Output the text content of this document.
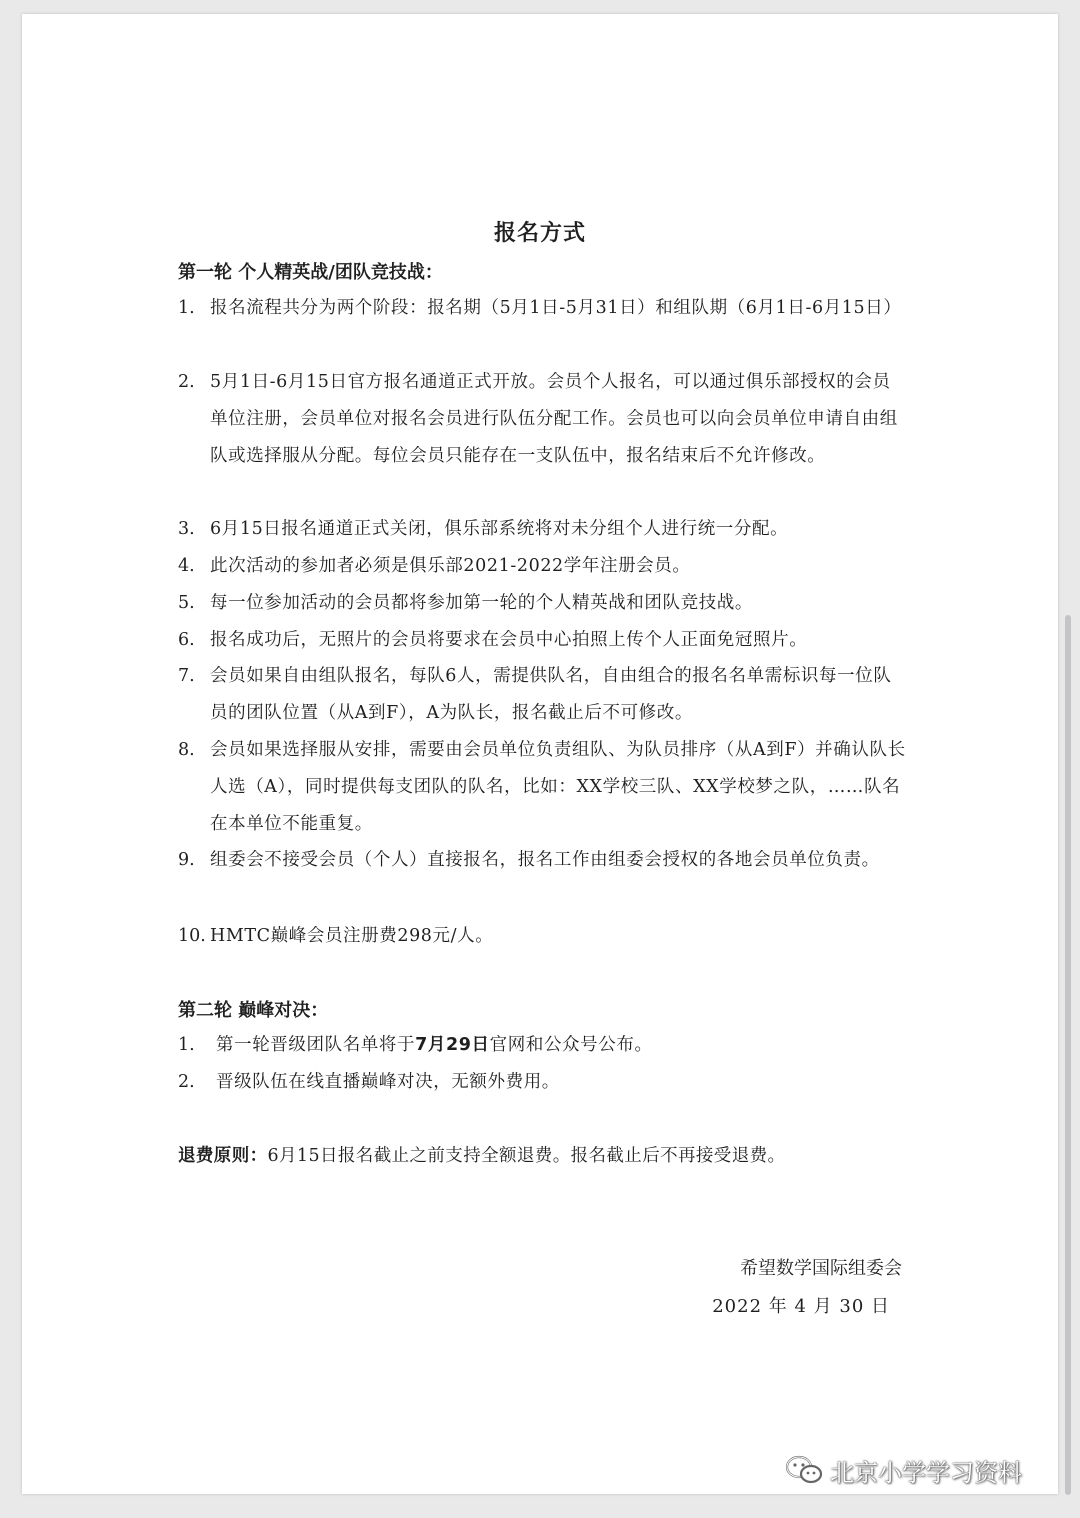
报名方式
第一轮 个人精英战/团队竞技战：
1. 报名流程共分为两个阶段：报名期（5月1日-5月31日）和组队期（6月1日-6月15日）
2. 5月1日-6月15日官方报名通道正式开放。会员个人报名，可以通过俱乐部授权的会员单位注册，会员单位对报名会员进行队伍分配工作。会员也可以向会员单位申请自由组队或选择服从分配。每位会员只能存在一支队伍中，报名结束后不允许修改。
3. 6月15日报名通道正式关闭，俱乐部系统将对未分组个人进行统一分配。
4. 此次活动的参加者必须是俱乐部2021-2022学年注册会员。
5. 每一位参加活动的会员都将参加第一轮的个人精英战和团队竞技战。
6. 报名成功后，无照片的会员将要求在会员中心拍照上传个人正面免冠照片。
7. 会员如果自由组队报名，每队6人，需提供队名，自由组合的报名名单需标识每一位队员的团队位置（从A到F），A为队长，报名截止后不可修改。
8. 会员如果选择服从安排，需要由会员单位负责组队、为队员排序（从A到F）并确认队长人选（A），同时提供每支团队的队名，比如：XX学校三队、XX学校梦之队，……队名在本单位不能重复。
9. 组委会不接受会员（个人）直接报名，报名工作由组委会授权的各地会员单位负责。
10. HMTC巅峰会员注册费298元/人。
第二轮 巅峰对决：
1. 第一轮晋级团队名单将于7月29日官网和公众号公布。
2. 晋级队伍在线直播巅峰对决，无额外费用。
退费原则：6月15日报名截止之前支持全额退费。报名截止后不再接受退费。
希望数学国际组委会
2022 年 4 月 30 日
北京小学学习资料
